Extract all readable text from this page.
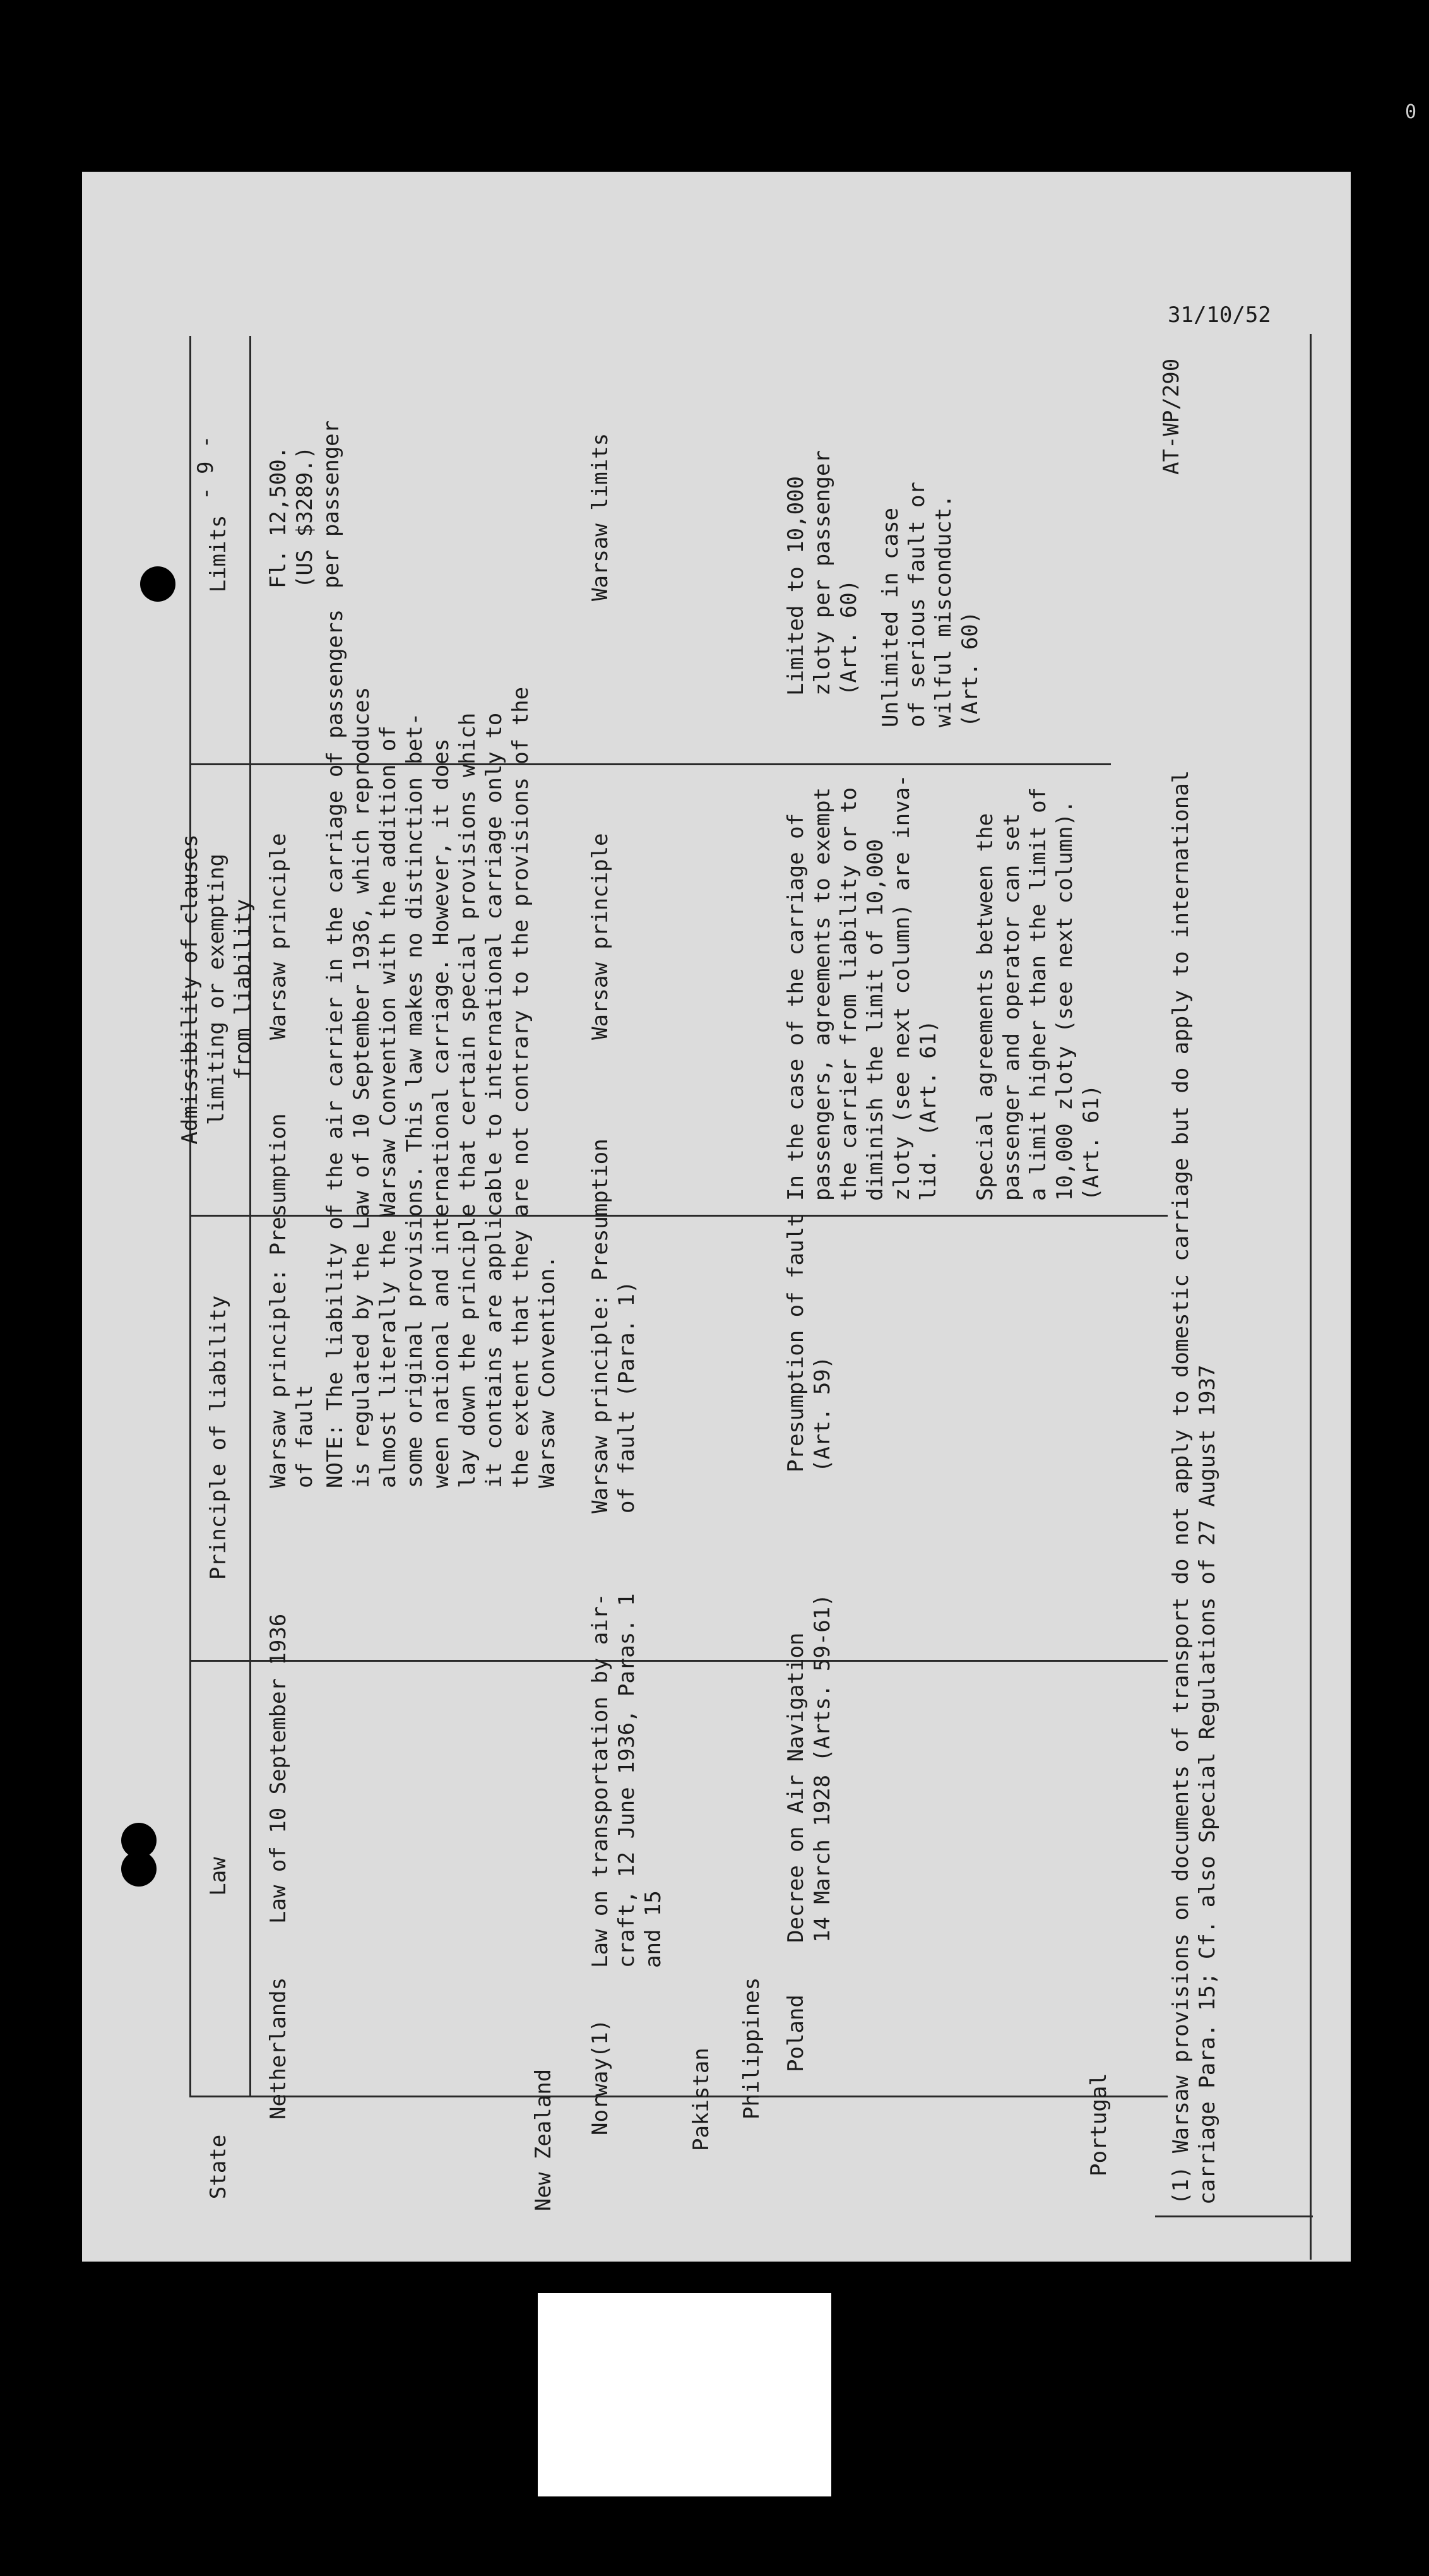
- 9 -	AT-WP/290
State
Law
Principle of liability
Admissibility of clauses
limiting or exempting
from liability
Limits
Netherlands
Law of 10 September 1936
Warsaw principle: Presumption
of fault
Warsaw principle
Fl. 12,500.
(US $3289.)
per passenger
NOTE: The liability of the air carrier in the carriage of passengers
is regulated by the Law of 10 September 1936, which reproduces
almost literally the Warsaw Convention with the addition of
some original provisions. This law makes no distinction bet-
ween national and international carriage. However, it does
lay down the principle that certain special provisions which
it contains are applicable to international carriage only to
the extent that they are not contrary to the provisions of the
Warsaw Convention.
New Zealand Norway(1)
Law on transportation by air-
craft, 12 June 1936, Paras. 1
and 15
Warsaw principle: Presumption
of fault (Para. 1)
Warsaw principle
Warsaw limits
Pakistan Philippines Poland
Decree on Air Navigation
14 March 1928 (Arts. 59-61)
Presumption of fault
(Art. 59)
In the case of the carriage of
passengers, agreements to exempt
the carrier from liability or to
diminish the limit of 10,000
zloty (see next column) are inva-
lid. (Art. 61)
Special agreements between the
passenger and operator can set
a limit higher than the limit of
10,000 zloty (see next column).
(Art. 61)
Limited to 10,000
zloty per passenger
(Art. 60)
Unlimited in case
of serious fault or
wilful misconduct.
(Art. 60)
Portugal
(1) Warsaw provisions on documents of transport do not apply to domestic carriage but do apply to international
carriage Para. 15; Cf. also Special Regulations of 27 August 1937
31/10/52
0
